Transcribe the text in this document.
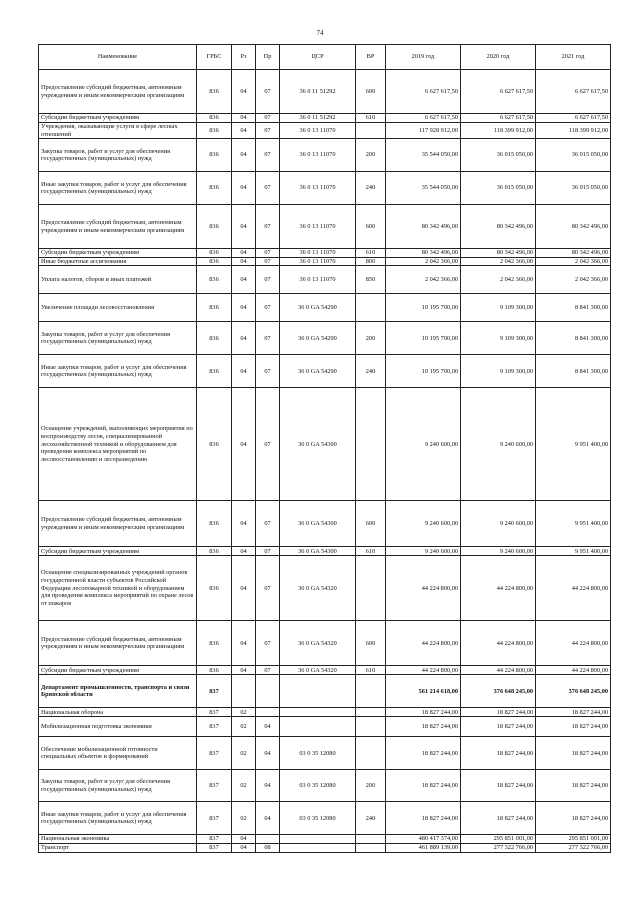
74
Наименование	ГРБС	Рз	Пр	ЦСР	ВР	2019 год	2020 год	2021 год
Предоставление субсидий бюджетным, автономным учреждениям и иным некоммерческим организациям	836	04	07	36 0 11 51292	600	6 627 617,50	6 627 617,50	6 627 617,50
Субсидии бюджетным учреждениям	836	04	07	36 0 11 51292	610	6 627 617,50	6 627 617,50	6 627 617,50
Учреждения, оказывающие услуги в сфере лесных отношений	836	04	07	36 0 13 11070		117 928 912,00	118 399 912,00	118 399 912,00
Закупка товаров, работ и услуг для обеспечения государственных (муниципальных) нужд	836	04	07	36 0 13 11070	200	35 544 050,00	36 015 050,00	36 015 050,00
Иные закупки товаров, работ и услуг для обеспечения государственных (муниципальных) нужд	836	04	07	36 0 13 11070	240	35 544 050,00	36 015 050,00	36 015 050,00
Предоставление субсидий бюджетным, автономным учреждениям и иным некоммерческим организациям	836	04	07	36 0 13 11070	600	80 342 496,00	80 342 496,00	80 342 496,00
Субсидии бюджетным учреждениям	836	04	07	36 0 13 11070	610	80 342 496,00	80 342 496,00	80 342 496,00
Иные бюджетные ассигнования	836	04	07	36 0 13 11070	800	2 042 366,00	2 042 366,00	2 042 366,00
Уплата налогов, сборов и иных платежей	836	04	07	36 0 13 11070	850	2 042 366,00	2 042 366,00	2 042 366,00
Увеличение площади лесовосстановления	836	04	07	36 0 GA 54290		10 195 700,00	9 109 300,00	8 841 300,00
Закупка товаров, работ и услуг для обеспечения государственных (муниципальных) нужд	836	04	07	36 0 GA 54290	200	10 195 700,00	9 109 300,00	8 841 300,00
Иные закупки товаров, работ и услуг для обеспечения государственных (муниципальных) нужд	836	04	07	36 0 GA 54290	240	10 195 700,00	9 109 300,00	8 841 300,00
Оснащение учреждений, выполняющих мероприятия по воспроизводству лесов, специализированной лесохозяйственной техникой и оборудованием для проведения комплекса мероприятий по лесовосстановлению и лесоразведению	836	04	07	36 0 GA 54300		9 240 600,00	9 240 600,00	9 951 400,00
Предоставление субсидий бюджетным, автономным учреждениям и иным некоммерческим организациям	836	04	07	36 0 GA 54300	600	9 240 600,00	9 240 600,00	9 951 400,00
Субсидии бюджетным учреждениям	836	04	07	36 0 GA 54300	610	9 240 600,00	9 240 600,00	9 951 400,00
Оснащение специализированных учреждений органов государственной власти субъектов Российской Федерации лесопожарной техникой и оборудованием для проведения комплекса мероприятий по охране лесов от пожаров	836	04	07	36 0 GA 54320		44 224 800,00	44 224 800,00	44 224 800,00
Предоставление субсидий бюджетным, автономным учреждениям и иным некоммерческим организациям	836	04	07	36 0 GA 54320	600	44 224 800,00	44 224 800,00	44 224 800,00
Субсидии бюджетным учреждениям	836	04	07	36 0 GA 54320	610	44 224 800,00	44 224 800,00	44 224 800,00
Департамент промышленности, транспорта и связи Брянской области	837					561 214 618,00	376 648 245,00	376 648 245,00
Национальная оборона	837	02				18 827 244,00	18 827 244,00	18 827 244,00
Мобилизационная подготовка экономики	837	02	04			18 827 244,00	18 827 244,00	18 827 244,00
Обеспечение мобилизационной готовности специальных объектов и формирований	837	02	04	03 0 35 12080		18 827 244,00	18 827 244,00	18 827 244,00
Закупка товаров, работ и услуг для обеспечения государственных (муниципальных) нужд	837	02	04	03 0 35 12080	200	18 827 244,00	18 827 244,00	18 827 244,00
Иные закупки товаров, работ и услуг для обеспечения государственных (муниципальных) нужд	837	02	04	03 0 35 12080	240	18 827 244,00	18 827 244,00	18 827 244,00
Национальная экономика	837	04				480 417 374,00	295 851 001,00	295 851 001,00
Транспорт	837	04	08			461 889 139,00	277 322 766,00	277 322 766,00
